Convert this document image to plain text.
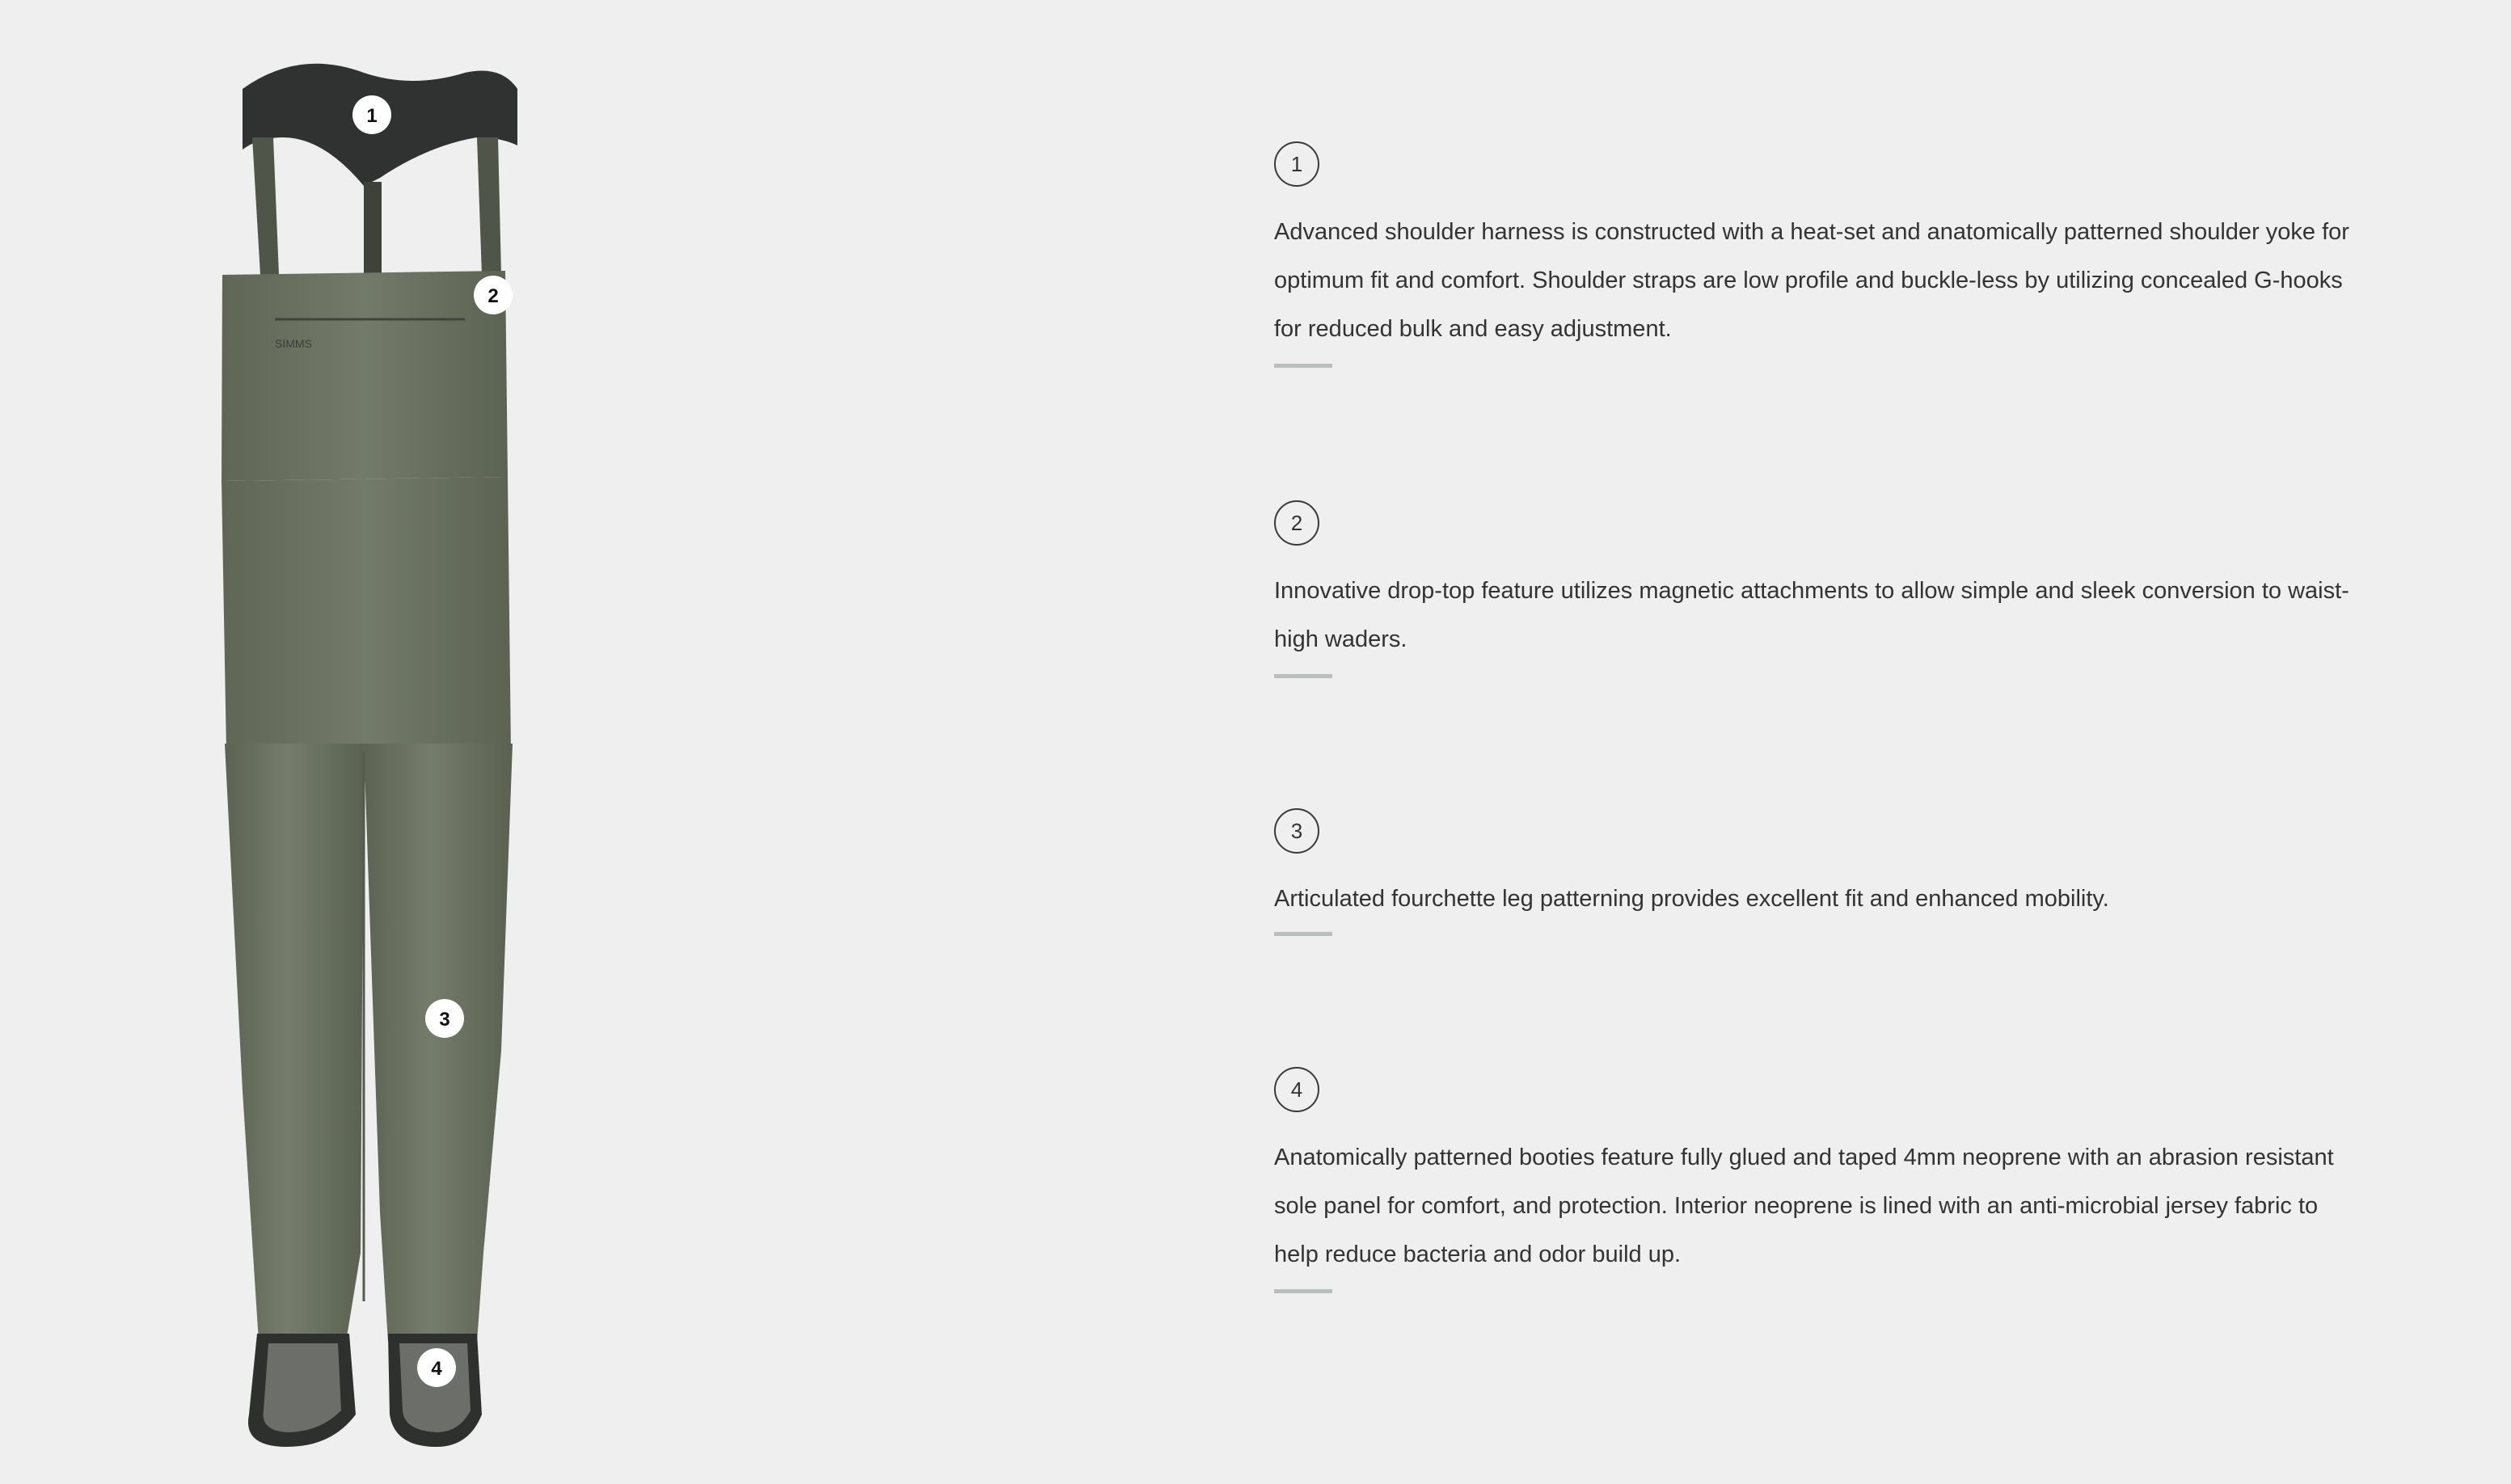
SIMMS
1
2
3
4
1

Advanced shoulder harness is constructed with a heat-set and anatomically patterned shoulder yoke for optimum fit and comfort. Shoulder straps are low profile and buckle-less by utilizing concealed G-hooks for reduced bulk and easy adjustment.

2

Innovative drop-top feature utilizes magnetic attachments to allow simple and sleek conversion to waist-high waders.

3

Articulated fourchette leg patterning provides excellent fit and enhanced mobility.

4

Anatomically patterned booties feature fully glued and taped 4mm neoprene with an abrasion resistant sole panel for comfort, and protection. Interior neoprene is lined with an anti-microbial jersey fabric to help reduce bacteria and odor build up.
